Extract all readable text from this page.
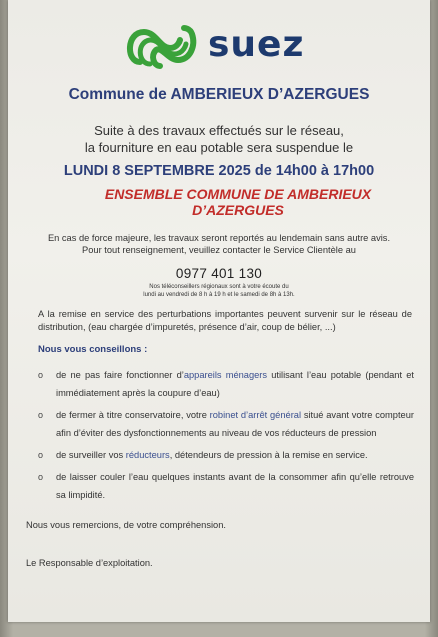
suez
Commune de AMBERIEUX D’AZERGUES
Suite à des travaux effectués sur le réseau,
la fourniture en eau potable sera suspendue le
LUNDI 8 SEPTEMBRE 2025 de 14h00 à 17h00
ENSEMBLE COMMUNE DE AMBERIEUX
D’AZERGUES
En cas de force majeure, les travaux seront reportés au lendemain sans autre avis.
Pour tout renseignement, veuillez contacter le Service Clientèle au
0977 401 130
Nos téléconseillers régionaux sont à votre écoute du
lundi au vendredi de 8 h à 19 h et le samedi de 8h à 13h.
A la remise en service des perturbations importantes peuvent survenir sur le réseau de distribution, (eau chargée d’impuretés, présence d’air, coup de bélier, ...)
Nous vous conseillons :
o de ne pas faire fonctionner d’appareils ménagers utilisant l’eau potable (pendant et immédiatement après la coupure d’eau)
o de fermer à titre conservatoire, votre robinet d’arrêt général situé avant votre compteur afin d’éviter des dysfonctionnements au niveau de vos réducteurs de pression
o de surveiller vos réducteurs, détendeurs de pression à la remise en service.
o de laisser couler l’eau quelques instants avant de la consommer afin qu’elle retrouve sa limpidité.
Nous vous remercions, de votre compréhension.
Le Responsable d’exploitation.
